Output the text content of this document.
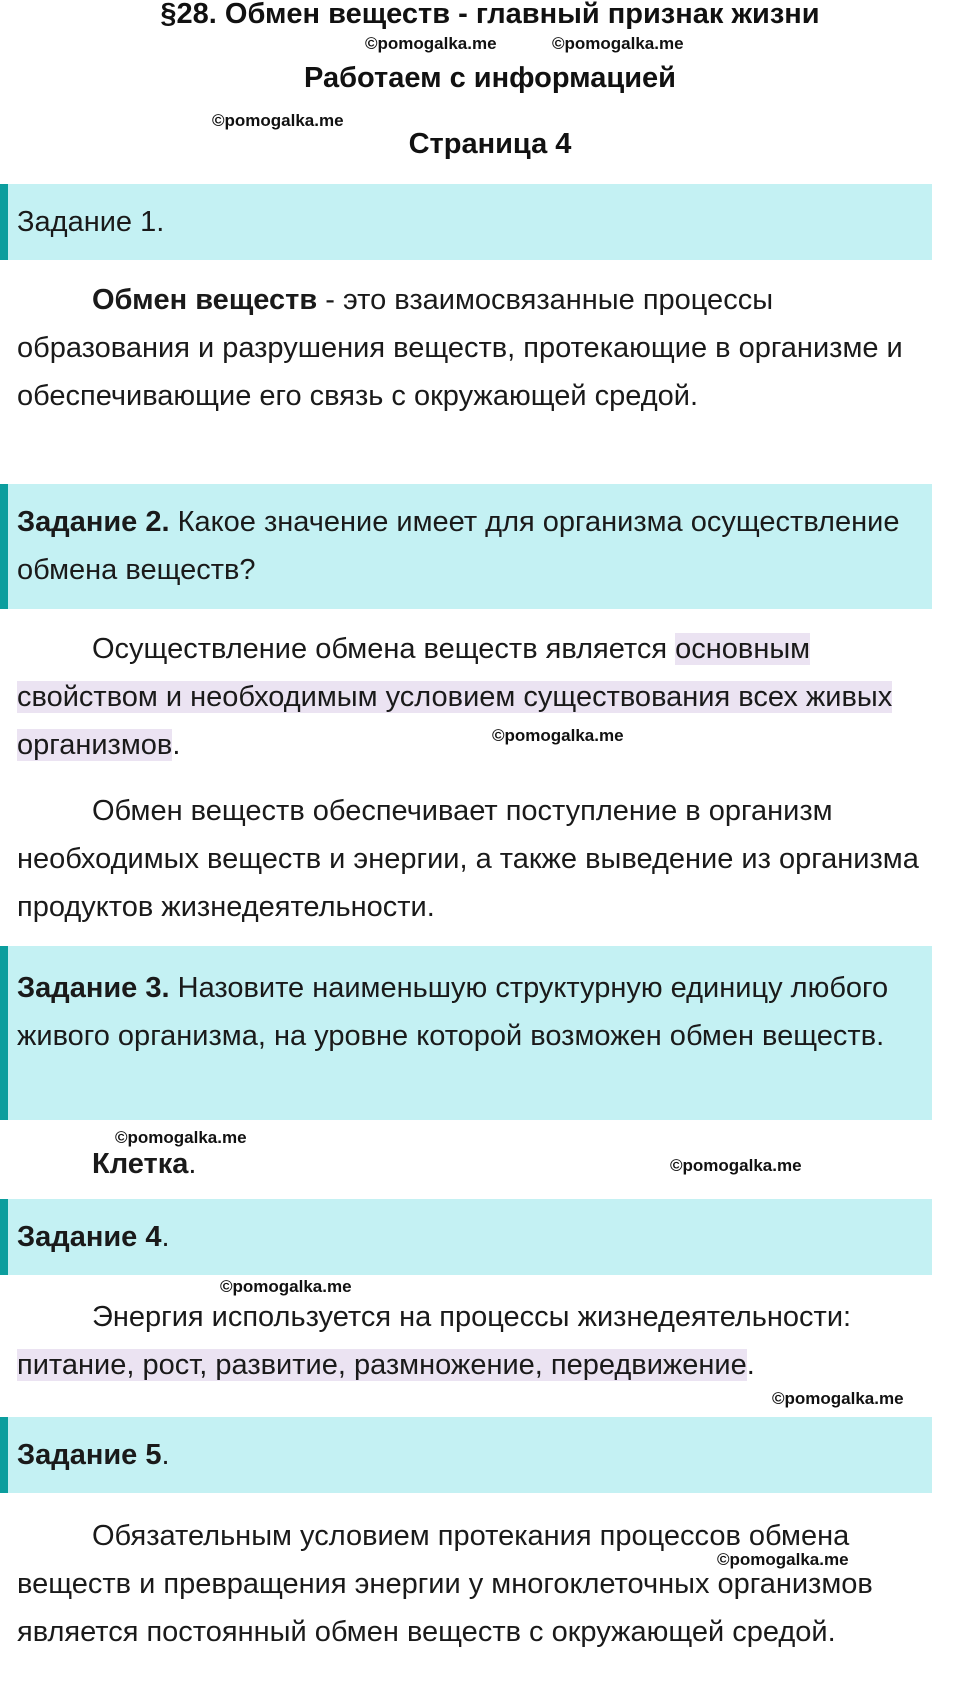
§28. Обмен веществ - главный признак жизни
©pomogalka.me	©pomogalka.me
Работаем с информацией
©pomogalka.me
Страница 4
Задание 1.
Обмен веществ - это взаимосвязанные процессы образования и разрушения веществ, протекающие в организме и обеспечивающие его связь с окружающей средой.
Задание 2. Какое значение имеет для организма осуществление обмена веществ?
Осуществление обмена веществ является основным свойством и необходимым условием существования всех живых организмов.	©pomogalka.me
Обмен веществ обеспечивает поступление в организм необходимых веществ и энергии, а также выведение из организма продуктов жизнедеятельности.
Задание 3. Назовите наименьшую структурную единицу любого живого организма, на уровне которой возможен обмен веществ.
©pomogalka.me
Клетка.	©pomogalka.me
Задание 4.
©pomogalka.me
Энергия используется на процессы жизнедеятельности: питание, рост, развитие, размножение, передвижение.
©pomogalka.me
Задание 5.
Обязательным условием протекания процессов обмена веществ и превращения энергии у многоклеточных организмов является постоянный обмен веществ с окружающей средой.
©pomogalka.me
